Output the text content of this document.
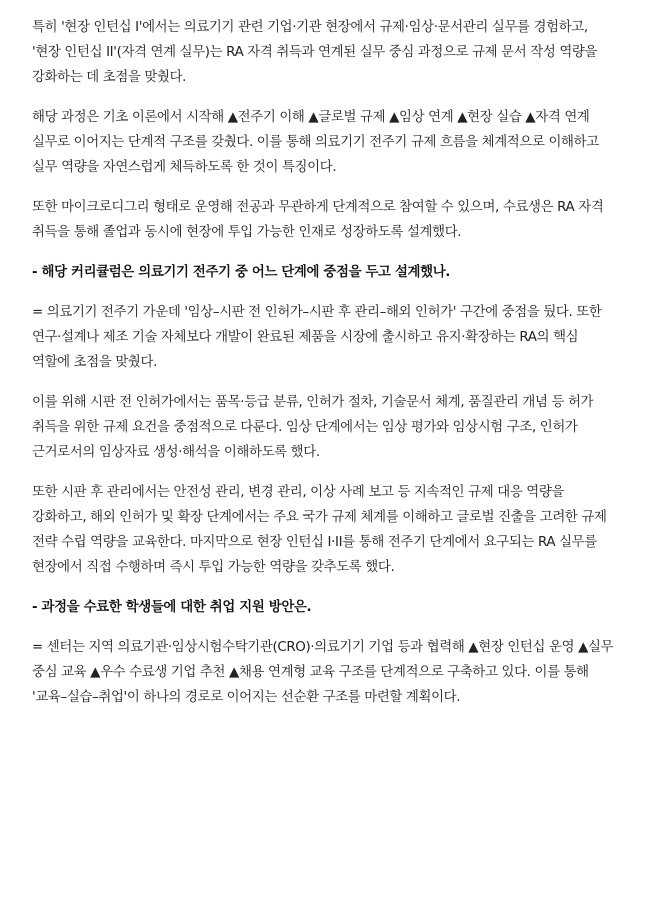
특히 '현장 인턴십 I'에서는 의료기기 관련 기업·기관 현장에서 규제·임상·문서관리 실무를 경험하고, '현장 인턴십 II'(자격 연계 실무)는 RA 자격 취득과 연계된 실무 중심 과정으로 규제 문서 작성 역량을 강화하는 데 초점을 맞췄다.

해당 과정은 기초 이론에서 시작해 ▲전주기 이해 ▲글로벌 규제 ▲임상 연계 ▲현장 실습 ▲자격 연계 실무로 이어지는 단계적 구조를 갖췄다. 이를 통해 의료기기 전주기 규제 흐름을 체계적으로 이해하고 실무 역량을 자연스럽게 체득하도록 한 것이 특징이다.

또한 마이크로디그리 형태로 운영해 전공과 무관하게 단계적으로 참여할 수 있으며, 수료생은 RA 자격 취득을 통해 졸업과 동시에 현장에 투입 가능한 인재로 성장하도록 설계했다.

- 해당 커리큘럼은 의료기기 전주기 중 어느 단계에 중점을 두고 설계했나.

= 의료기기 전주기 가운데 '임상–시판 전 인허가–시판 후 관리–해외 인허가' 구간에 중점을 뒀다. 또한 연구·설계나 제조 기술 자체보다 개발이 완료된 제품을 시장에 출시하고 유지·확장하는 RA의 핵심 역할에 초점을 맞췄다.

이를 위해 시판 전 인허가에서는 품목·등급 분류, 인허가 절차, 기술문서 체계, 품질관리 개념 등 허가 취득을 위한 규제 요건을 중점적으로 다룬다. 임상 단계에서는 임상 평가와 임상시험 구조, 인허가 근거로서의 임상자료 생성·해석을 이해하도록 했다.

또한 시판 후 관리에서는 안전성 관리, 변경 관리, 이상 사례 보고 등 지속적인 규제 대응 역량을 강화하고, 해외 인허가 및 확장 단계에서는 주요 국가 규제 체계를 이해하고 글로벌 진출을 고려한 규제 전략 수립 역량을 교육한다. 마지막으로 현장 인턴십 I·II를 통해 전주기 단계에서 요구되는 RA 실무를 현장에서 직접 수행하며 즉시 투입 가능한 역량을 갖추도록 했다.

- 과정을 수료한 학생들에 대한 취업 지원 방안은.

= 센터는 지역 의료기관·임상시험수탁기관(CRO)·의료기기 기업 등과 협력해 ▲현장 인턴십 운영 ▲실무 중심 교육 ▲우수 수료생 기업 추천 ▲채용 연계형 교육 구조를 단계적으로 구축하고 있다. 이를 통해 '교육–실습–취업'이 하나의 경로로 이어지는 선순환 구조를 마련할 계획이다.
